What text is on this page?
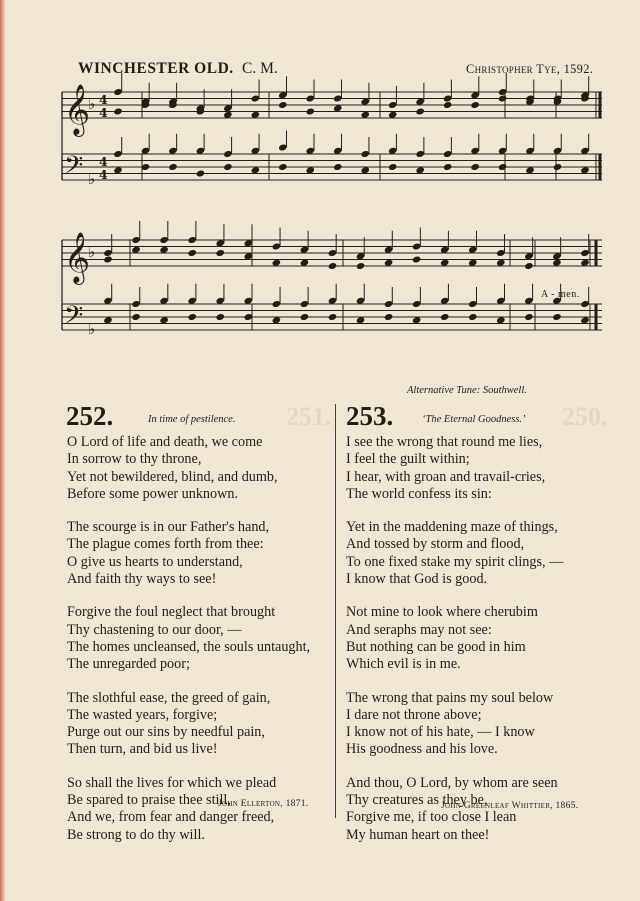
WINCHESTER OLD. C. M.	Christopher Tye, 1592.
𝄞
♭ 4
4
𝄢 ♭
4
4
𝄞
♭
𝄢 ♭
A - men.
Alternative Tune: Southwell.
251.	250.
252.	In time of pestilence.
O Lord of life and death, we come
In sorrow to thy throne,
Yet not bewildered, blind, and dumb,
Before some power unknown.
The scourge is in our Father's hand,
The plague comes forth from thee:
O give us hearts to understand,
And faith thy ways to see!
Forgive the foul neglect that brought
Thy chastening to our door, —
The homes uncleansed, the souls untaught,
The unregarded poor;
The slothful ease, the greed of gain,
The wasted years, forgive;
Purge out our sins by needful pain,
Then turn, and bid us live!
So shall the lives for which we plead
Be spared to praise thee still,
And we, from fear and danger freed,
Be strong to do thy will.
John Ellerton, 1871.
253.	‘The Eternal Goodness.’
I see the wrong that round me lies,
I feel the guilt within;
I hear, with groan and travail-cries,
The world confess its sin:
Yet in the maddening maze of things,
And tossed by storm and flood,
To one fixed stake my spirit clings, —
I know that God is good.
Not mine to look where cherubim
And seraphs may not see:
But nothing can be good in him
Which evil is in me.
The wrong that pains my soul below
I dare not throne above;
I know not of his hate, — I know
His goodness and his love.
And thou, O Lord, by whom are seen
Thy creatures as they be,
Forgive me, if too close I lean
My human heart on thee!
John Greenleaf Whittier, 1865.
